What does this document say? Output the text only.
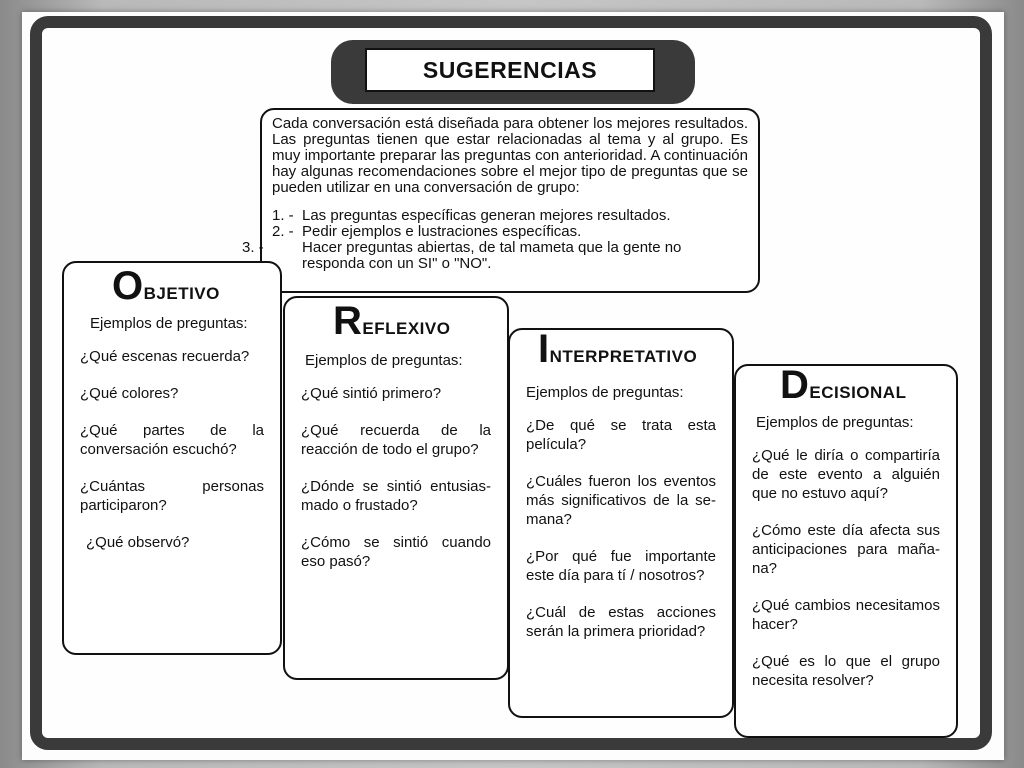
SUGERENCIAS

Cada conversación está diseñada para obtener los mejores resultados. Las preguntas tienen que estar relacionadas al tema y al grupo. Es muy importante preparar las preguntas con anterioridad. A continuación hay algunas recomendaciones sobre el mejor tipo de preguntas que se pueden utilizar en una conversación de grupo:

1. - Las preguntas específicas generan mejores resultados.
2. - Pedir ejemplos e lustraciones específicas.
3. -	Hacer preguntas abiertas, de tal mameta que la gente no responda con un SI" o "NO".
OBJETIVO
Ejemplos de preguntas:
¿Qué escenas recuerda?
¿Qué colores?
¿Qué partes de la conversación escuchó?
¿Cuántas personas participaron?
¿Qué observó?
REFLEXIVO
Ejemplos de preguntas:
¿Qué sintió primero?
¿Qué recuerda de la reacción de todo el grupo?
¿Dónde se sintió entusias-mado o frustado?
¿Cómo se sintió cuando eso pasó?
INTERPRETATIVO
Ejemplos de preguntas:
¿De qué se trata esta película?
¿Cuáles fueron los eventos más significativos de la se-mana?
¿Por qué fue importante este día para tí / nosotros?
¿Cuál de estas acciones serán la primera prioridad?
DECISIONAL
Ejemplos de preguntas:
¿Qué le diría o compartiría de este evento a alguién que no estuvo aquí?
¿Cómo este día afecta sus anticipaciones para maña-na?
¿Qué cambios necesitamos hacer?
¿Qué es lo que el grupo necesita resolver?
